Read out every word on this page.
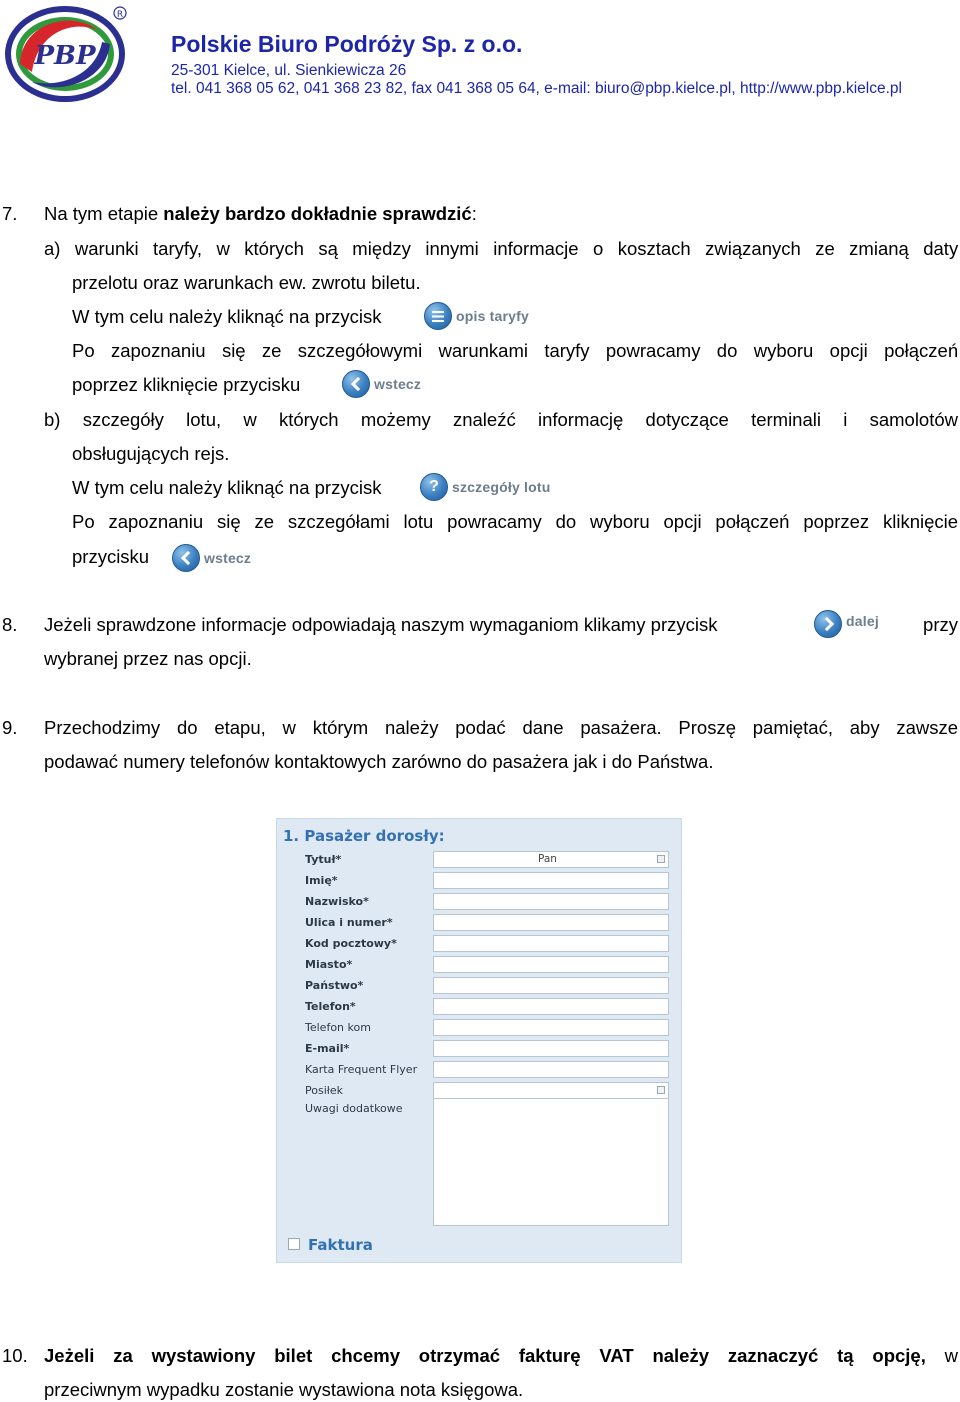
PBP
R
Polskie Biuro Podróży Sp. z o.o.
25-301 Kielce, ul. Sienkiewicza 26
tel. 041 368 05 62, 041 368 23 82, fax 041 368 05 64, e-mail: biuro@pbp.kielce.pl, http://www.pbp.kielce.pl
7. Na tym etapie należy bardzo dokładnie sprawdzić:
a) warunki taryfy, w których są między innymi informacje o kosztach związanych ze zmianą daty
przelotu oraz warunkach ew. zwrotu biletu.
W tym celu należy kliknąć na przycisk	opis taryfy
Po zapoznaniu się ze szczegółowymi warunkami taryfy powracamy do wyboru opcji połączeń
poprzez kliknięcie przycisku	wstecz
b) szczegóły lotu, w których możemy znaleźć informację dotyczące terminali i samolotów
obsługujących rejs.
W tym celu należy kliknąć na przycisk	? szczegóły lotu
Po zapoznaniu się ze szczegółami lotu powracamy do wyboru opcji połączeń poprzez kliknięcie
przycisku	wstecz
8. Jeżeli sprawdzone informacje odpowiadają naszym wymaganiom klikamy przycisk	dalej przy
wybranej przez nas opcji.
9. Przechodzimy do etapu, w którym należy podać dane pasażera. Proszę pamiętać, aby zawsze
podawać numery telefonów kontaktowych zarówno do pasażera jak i do Państwa.
1. Pasażer dorosły:
Tytuł*	Pan
Imię*
Nazwisko*
Ulica i numer*
Kod pocztowy*
Miasto*
Państwo*
Telefon*
Telefon kom
E-mail*
Karta Frequent Flyer
Posiłek
Uwagi dodatkowe
Faktura
10. Jeżeli za wystawiony bilet chcemy otrzymać fakturę VAT należy zaznaczyć tą opcję, w
przeciwnym wypadku zostanie wystawiona nota księgowa.
